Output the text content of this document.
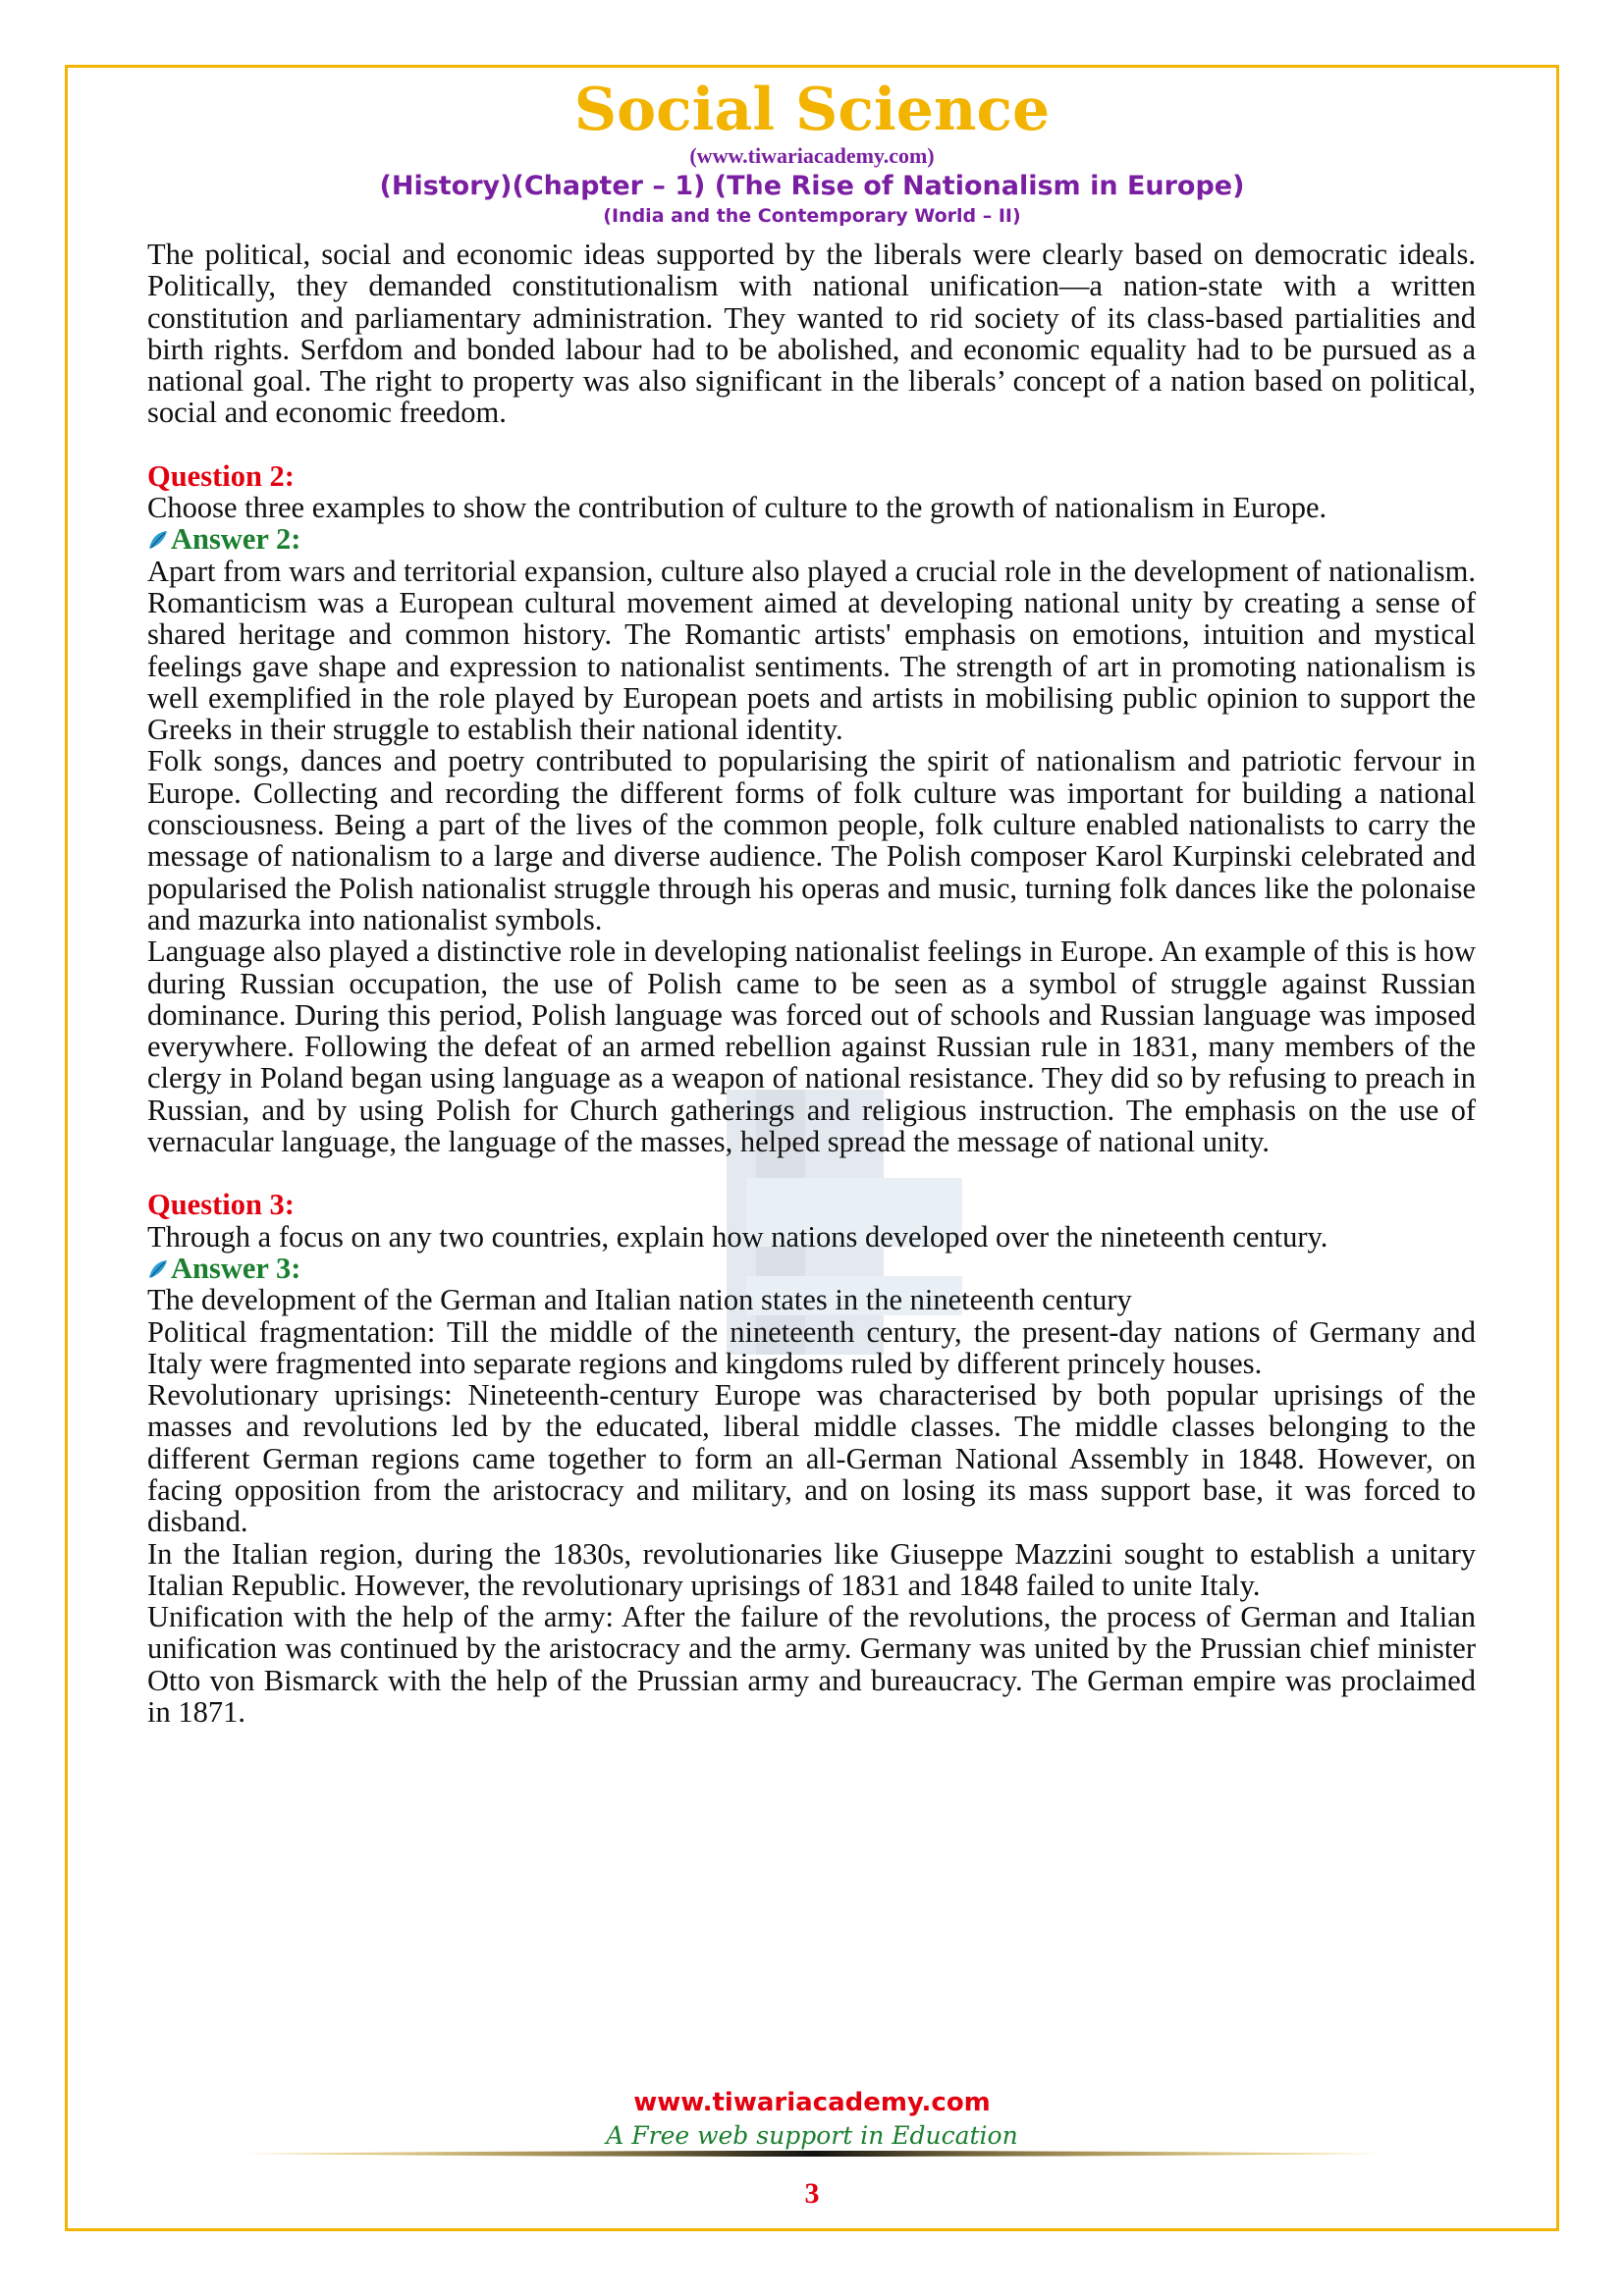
Social Science
(www.tiwariacademy.com)
(History)(Chapter – 1) (The Rise of Nationalism in Europe)
(India and the Contemporary World – II)

The political, social and economic ideas supported by the liberals were clearly based on democratic ideals. Politically, they demanded constitutionalism with national unification—a nation-state with a written constitution and parliamentary administration. They wanted to rid society of its class-based partialities and birth rights. Serfdom and bonded labour had to be abolished, and economic equality had to be pursued as a national goal. The right to property was also significant in the liberals’ concept of a nation based on political, social and economic freedom.

Question 2:

Choose three examples to show the contribution of culture to the growth of nationalism in Europe.

Answer 2:

Apart from wars and territorial expansion, culture also played a crucial role in the development of nationalism. Romanticism was a European cultural movement aimed at developing national unity by creating a sense of shared heritage and common history. The Romantic artists' emphasis on emotions, intuition and mystical feelings gave shape and expression to nationalist sentiments. The strength of art in promoting nationalism is well exemplified in the role played by European poets and artists in mobilising public opinion to support the Greeks in their struggle to establish their national identity.

Folk songs, dances and poetry contributed to popularising the spirit of nationalism and patriotic fervour in Europe. Collecting and recording the different forms of folk culture was important for building a national consciousness. Being a part of the lives of the common people, folk culture enabled nationalists to carry the message of nationalism to a large and diverse audience. The Polish composer Karol Kurpinski celebrated and popularised the Polish nationalist struggle through his operas and music, turning folk dances like the polonaise and mazurka into nationalist symbols.

Language also played a distinctive role in developing nationalist feelings in Europe. An example of this is how during Russian occupation, the use of Polish came to be seen as a symbol of struggle against Russian dominance. During this period, Polish language was forced out of schools and Russian language was imposed everywhere. Following the defeat of an armed rebellion against Russian rule in 1831, many members of the clergy in Poland began using language as a weapon of national resistance. They did so by refusing to preach in Russian, and by using Polish for Church gatherings and religious instruction. The emphasis on the use of vernacular language, the language of the masses, helped spread the message of national unity.

Question 3:

Through a focus on any two countries, explain how nations developed over the nineteenth century.

Answer 3:

The development of the German and Italian nation states in the nineteenth century

Political fragmentation: Till the middle of the nineteenth century, the present-day nations of Germany and Italy were fragmented into separate regions and kingdoms ruled by different princely houses.

Revolutionary uprisings: Nineteenth-century Europe was characterised by both popular uprisings of the masses and revolutions led by the educated, liberal middle classes. The middle classes belonging to the different German regions came together to form an all-German National Assembly in 1848. However, on facing opposition from the aristocracy and military, and on losing its mass support base, it was forced to disband.

In the Italian region, during the 1830s, revolutionaries like Giuseppe Mazzini sought to establish a unitary Italian Republic. However, the revolutionary uprisings of 1831 and 1848 failed to unite Italy.

Unification with the help of the army: After the failure of the revolutions, the process of German and Italian unification was continued by the aristocracy and the army. Germany was united by the Prussian chief minister Otto von Bismarck with the help of the Prussian army and bureaucracy. The German empire was proclaimed in 1871.

www.tiwariacademy.com
A Free web support in Education
3
